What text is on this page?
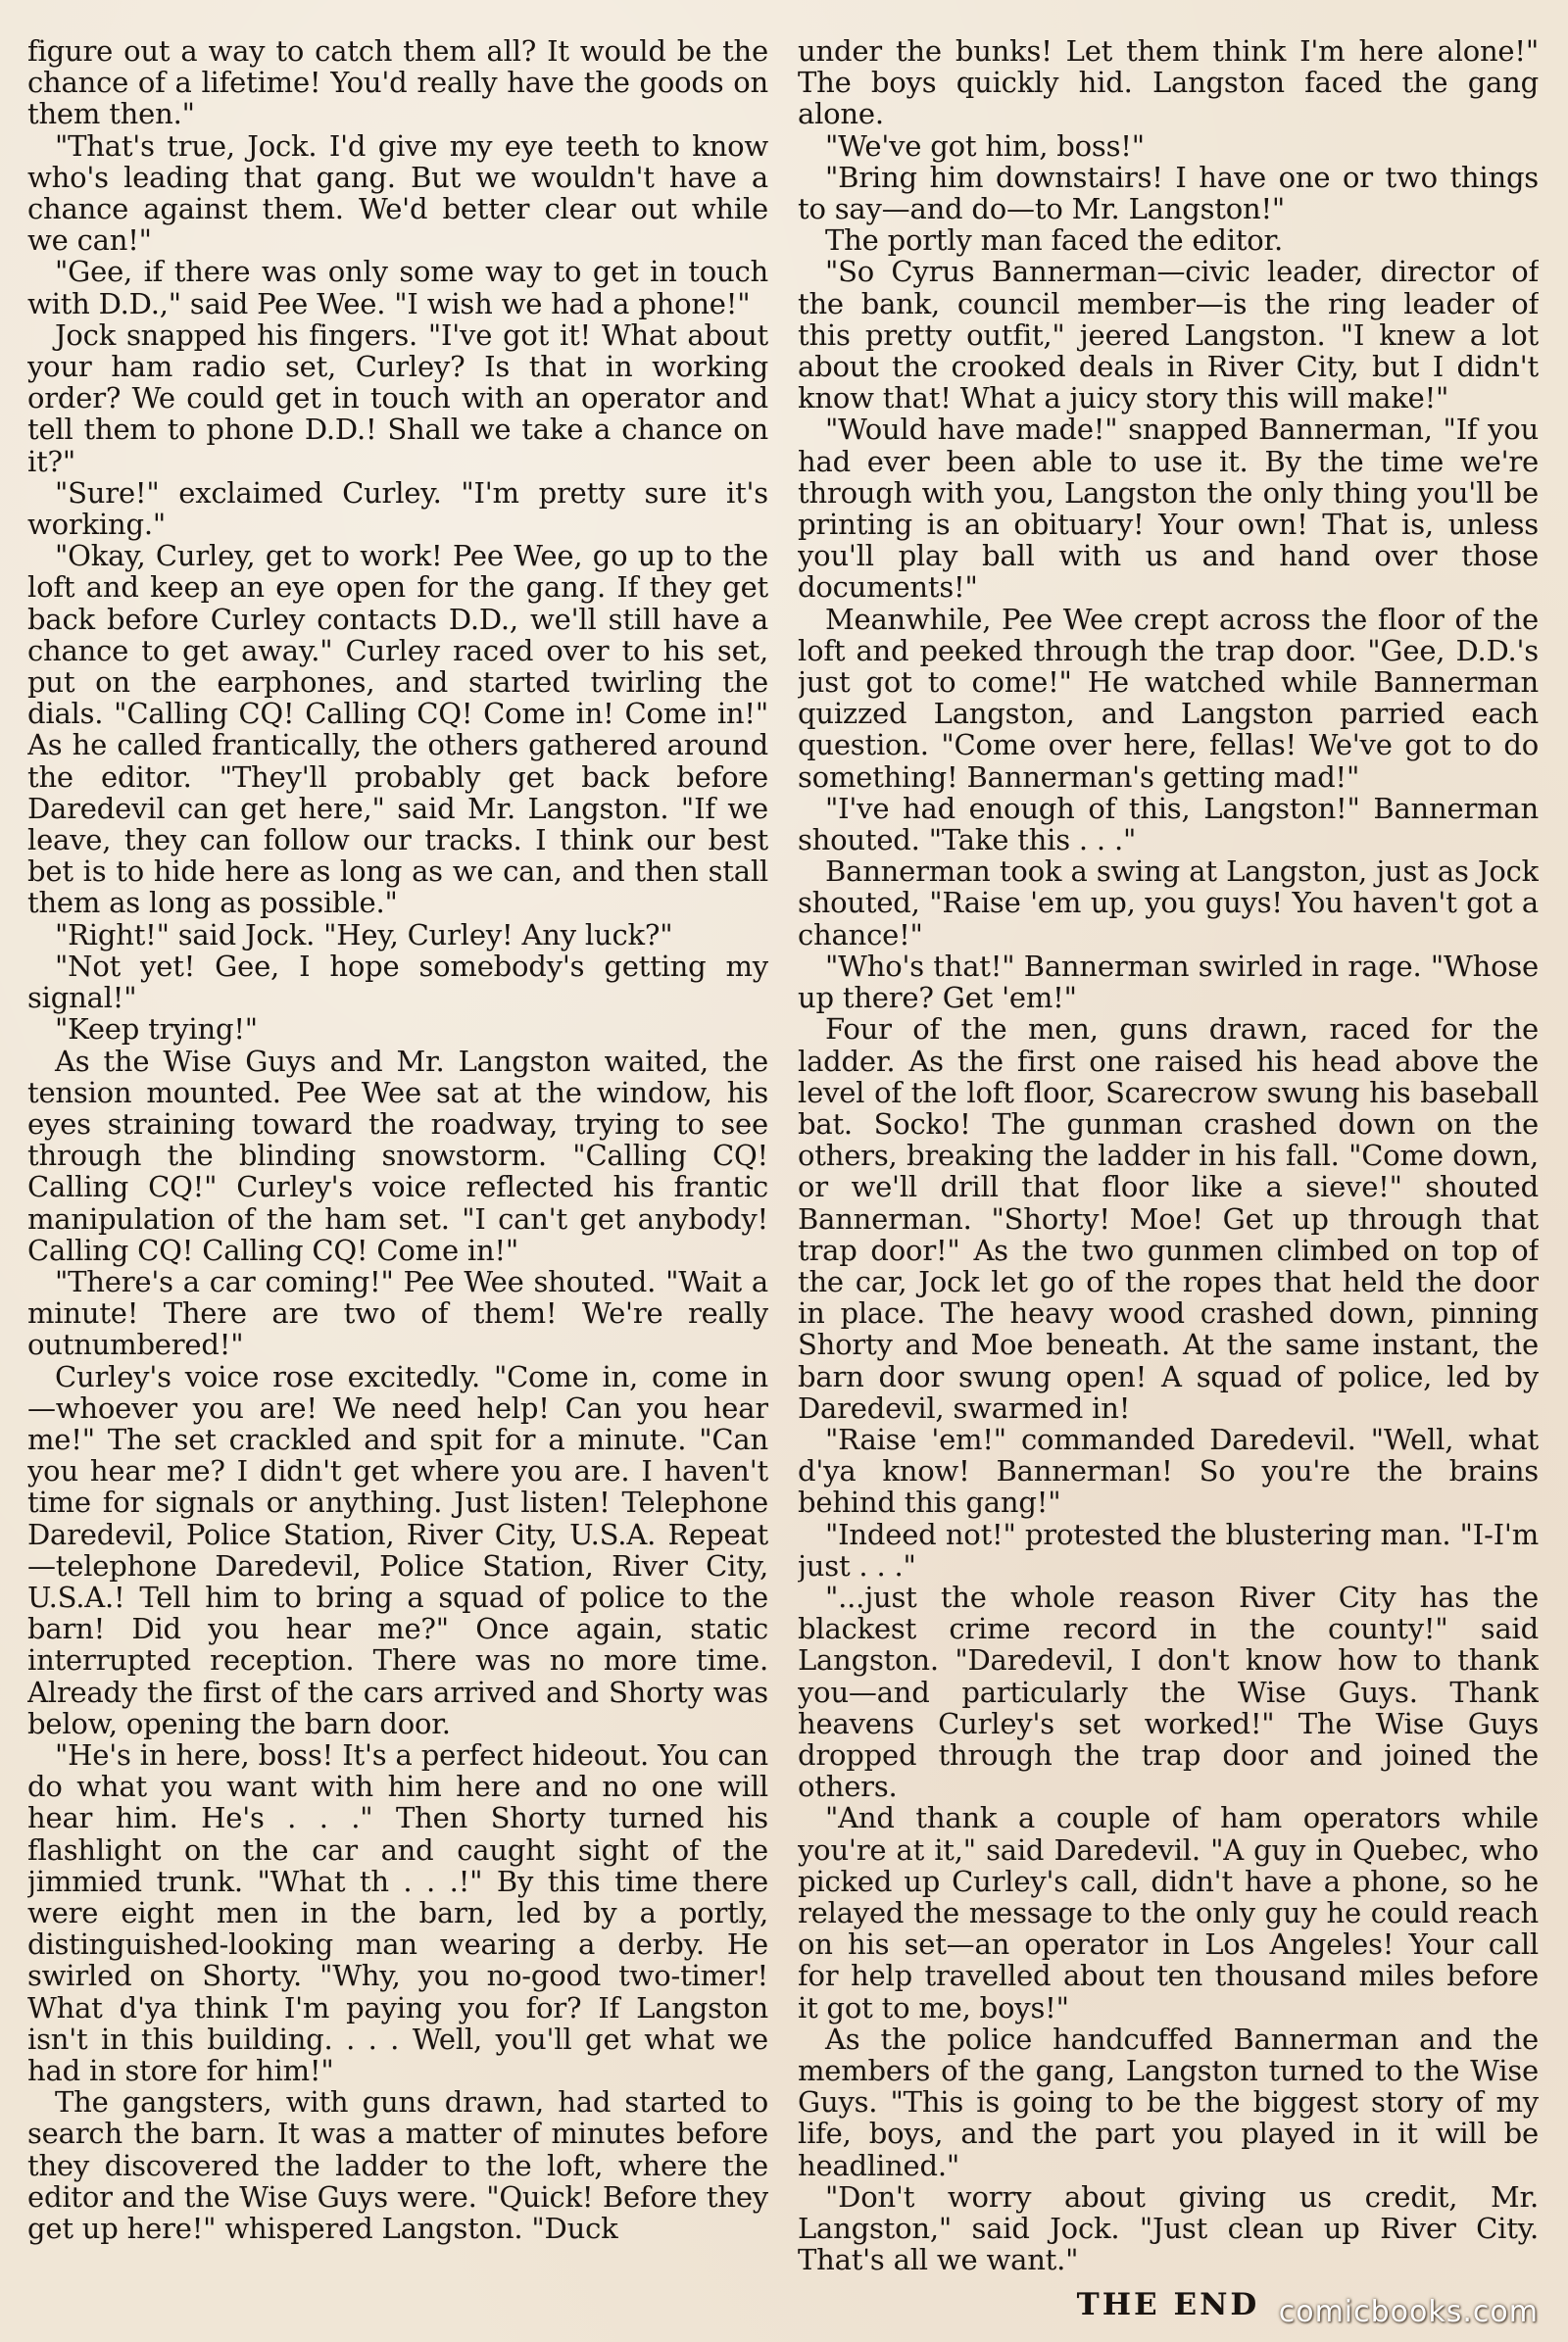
figure out a way to catch them all? It would be the chance of a lifetime! You'd really have the goods on them then."

"That's true, Jock. I'd give my eye teeth to know who's leading that gang. But we wouldn't have a chance against them. We'd better clear out while we can!"

"Gee, if there was only some way to get in touch with D.D.," said Pee Wee. "I wish we had a phone!"

Jock snapped his fingers. "I've got it! What about your ham radio set, Curley? Is that in working order? We could get in touch with an operator and tell them to phone D.D.! Shall we take a chance on it?"

"Sure!" exclaimed Curley. "I'm pretty sure it's working."

"Okay, Curley, get to work! Pee Wee, go up to the loft and keep an eye open for the gang. If they get back before Curley contacts D.D., we'll still have a chance to get away." Curley raced over to his set, put on the earphones, and started twirling the dials. "Calling CQ! Calling CQ! Come in! Come in!" As he called frantically, the others gathered around the editor. "They'll probably get back before Daredevil can get here," said Mr. Langston. "If we leave, they can follow our tracks. I think our best bet is to hide here as long as we can, and then stall them as long as possible."

"Right!" said Jock. "Hey, Curley! Any luck?"

"Not yet! Gee, I hope somebody's getting my signal!"

"Keep trying!"

As the Wise Guys and Mr. Langston waited, the tension mounted. Pee Wee sat at the window, his eyes straining toward the roadway, trying to see through the blinding snowstorm. "Calling CQ! Calling CQ!" Curley's voice reflected his frantic manipulation of the ham set. "I can't get anybody! Calling CQ! Calling CQ! Come in!"

"There's a car coming!" Pee Wee shouted. "Wait a minute! There are two of them! We're really outnumbered!"

Curley's voice rose excitedly. "Come in, come in —whoever you are! We need help! Can you hear me!" The set crackled and spit for a minute. "Can you hear me? I didn't get where you are. I haven't time for signals or anything. Just listen! Telephone Daredevil, Police Station, River City, U.S.A. Repeat —telephone Daredevil, Police Station, River City, U.S.A.! Tell him to bring a squad of police to the barn! Did you hear me?" Once again, static interrupted reception. There was no more time. Already the first of the cars arrived and Shorty was below, opening the barn door.

"He's in here, boss! It's a perfect hideout. You can do what you want with him here and no one will hear him. He's . . ." Then Shorty turned his flashlight on the car and caught sight of the jimmied trunk. "What th . . .!" By this time there were eight men in the barn, led by a portly, distinguished-looking man wearing a derby. He swirled on Shorty. "Why, you no-good two-timer! What d'ya think I'm paying you for? If Langston isn't in this building. . . . Well, you'll get what we had in store for him!"

The gangsters, with guns drawn, had started to search the barn. It was a matter of minutes before they discovered the ladder to the loft, where the editor and the Wise Guys were. "Quick! Before they get up here!" whispered Langston. "Duck

under the bunks! Let them think I'm here alone!" The boys quickly hid. Langston faced the gang alone.

"We've got him, boss!"

"Bring him downstairs! I have one or two things to say—and do—to Mr. Langston!"

The portly man faced the editor.

"So Cyrus Bannerman—civic leader, director of the bank, council member—is the ring leader of this pretty outfit," jeered Langston. "I knew a lot about the crooked deals in River City, but I didn't know that! What a juicy story this will make!"

"Would have made!" snapped Bannerman, "If you had ever been able to use it. By the time we're through with you, Langston the only thing you'll be printing is an obituary! Your own! That is, unless you'll play ball with us and hand over those documents!"

Meanwhile, Pee Wee crept across the floor of the loft and peeked through the trap door. "Gee, D.D.'s just got to come!" He watched while Bannerman quizzed Langston, and Langston parried each question. "Come over here, fellas! We've got to do something! Bannerman's getting mad!"

"I've had enough of this, Langston!" Bannerman shouted. "Take this . . ."

Bannerman took a swing at Langston, just as Jock shouted, "Raise 'em up, you guys! You haven't got a chance!"

"Who's that!" Bannerman swirled in rage. "Whose up there? Get 'em!"

Four of the men, guns drawn, raced for the ladder. As the first one raised his head above the level of the loft floor, Scarecrow swung his baseball bat. Socko! The gunman crashed down on the others, breaking the ladder in his fall. "Come down, or we'll drill that floor like a sieve!" shouted Bannerman. "Shorty! Moe! Get up through that trap door!" As the two gunmen climbed on top of the car, Jock let go of the ropes that held the door in place. The heavy wood crashed down, pinning Shorty and Moe beneath. At the same instant, the barn door swung open! A squad of police, led by Daredevil, swarmed in!

"Raise 'em!" commanded Daredevil. "Well, what d'ya know! Bannerman! So you're the brains behind this gang!"

"Indeed not!" protested the blustering man. "I-I'm just . . ."

"...just the whole reason River City has the blackest crime record in the county!" said Langston. "Daredevil, I don't know how to thank you—and particularly the Wise Guys. Thank heavens Curley's set worked!" The Wise Guys dropped through the trap door and joined the others.

"And thank a couple of ham operators while you're at it," said Daredevil. "A guy in Quebec, who picked up Curley's call, didn't have a phone, so he relayed the message to the only guy he could reach on his set—an operator in Los Angeles! Your call for help travelled about ten thousand miles before it got to me, boys!"

As the police handcuffed Bannerman and the members of the gang, Langston turned to the Wise Guys. "This is going to be the biggest story of my life, boys, and the part you played in it will be headlined."

"Don't worry about giving us credit, Mr. Langston," said Jock. "Just clean up River City. That's all we want."

THE END comicbooks.com
